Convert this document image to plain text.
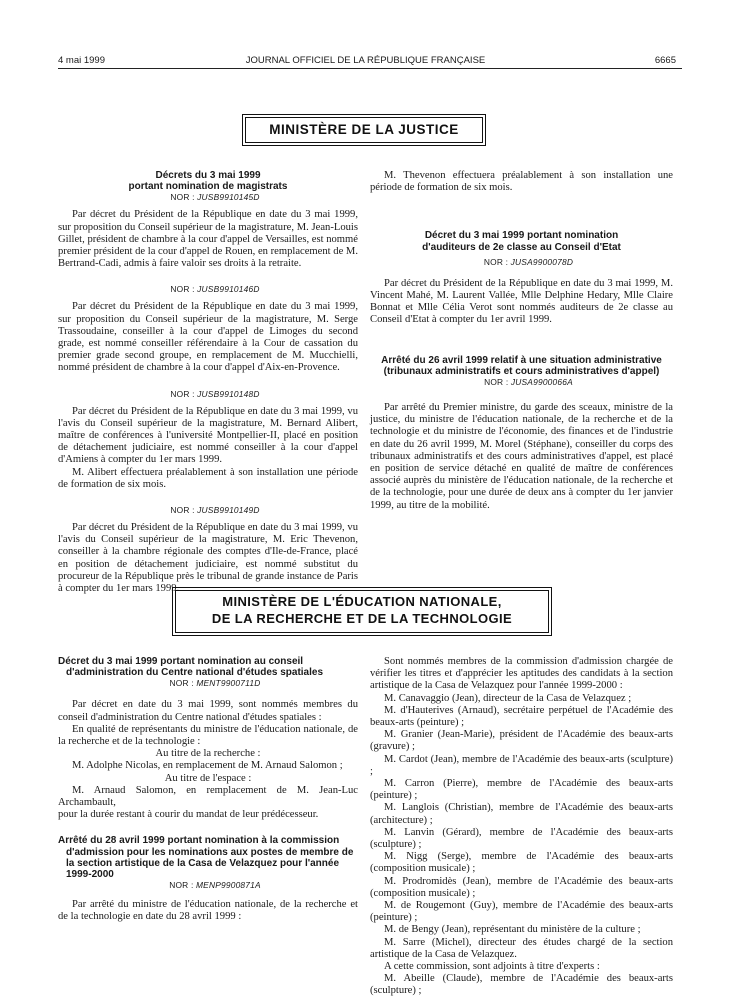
4 mai 1999	JOURNAL OFFICIEL DE LA RÉPUBLIQUE FRANÇAISE	6665
MINISTÈRE DE LA JUSTICE
Décrets du 3 mai 1999
portant nomination de magistrats

NOR : JUSB9910145D

Par décret du Président de la République en date du 3 mai 1999, sur proposition du Conseil supérieur de la magistrature, M. Jean-Louis Gillet, président de chambre à la cour d'appel de Versailles, est nommé premier président de la cour d'appel de Rouen, en remplacement de M. Bertrand-Cadi, admis à faire valoir ses droits à la retraite.

NOR : JUSB9910146D

Par décret du Président de la République en date du 3 mai 1999, sur proposition du Conseil supérieur de la magistrature, M. Serge Trassoudaine, conseiller à la cour d'appel de Limoges du second grade, est nommé conseiller référendaire à la Cour de cassation du premier grade second groupe, en remplacement de M. Mucchielli, nommé président de chambre à la cour d'appel d'Aix-en-Provence.

NOR : JUSB9910148D

Par décret du Président de la République en date du 3 mai 1999, vu l'avis du Conseil supérieur de la magistrature, M. Bernard Alibert, maître de conférences à l'université Montpellier-II, placé en position de détachement judiciaire, est nommé conseiller à la cour d'appel d'Amiens à compter du 1er mars 1999.

M. Alibert effectuera préalablement à son installation une période de formation de six mois.

NOR : JUSB9910149D

Par décret du Président de la République en date du 3 mai 1999, vu l'avis du Conseil supérieur de la magistrature, M. Eric Thevenon, conseiller à la chambre régionale des comptes d'Ile-de-France, placé en position de détachement judiciaire, est nommé substitut du procureur de la République près le tribunal de grande instance de Paris à compter du 1er mars 1999.

M. Thevenon effectuera préalablement à son installation une période de formation de six mois.

Décret du 3 mai 1999 portant nomination
d'auditeurs de 2e classe au Conseil d'Etat

NOR : JUSA9900078D

Par décret du Président de la République en date du 3 mai 1999, M. Vincent Mahé, M. Laurent Vallée, Mlle Delphine Hedary, Mlle Claire Bonnat et Mlle Célia Verot sont nommés auditeurs de 2e classe au Conseil d'Etat à compter du 1er avril 1999.

Arrêté du 26 avril 1999 relatif à une situation administrative (tribunaux administratifs et cours administratives d'appel)

NOR : JUSA9900066A

Par arrêté du Premier ministre, du garde des sceaux, ministre de la justice, du ministre de l'éducation nationale, de la recherche et de la technologie et du ministre de l'économie, des finances et de l'industrie en date du 26 avril 1999, M. Morel (Stéphane), conseiller du corps des tribunaux administratifs et des cours administratives d'appel, est placé en position de service détaché en qualité de maître de conférences associé auprès du ministère de l'éducation nationale, de la recherche et de la technologie, pour une durée de deux ans à compter du 1er janvier 1999, au titre de la mobilité.

MINISTÈRE DE L'ÉDUCATION NATIONALE,
DE LA RECHERCHE ET DE LA TECHNOLOGIE
Décret du 3 mai 1999 portant nomination au conseil d'administration du Centre national d'études spatiales

NOR : MENT9900711D

Par décret en date du 3 mai 1999, sont nommés membres du conseil d'administration du Centre national d'études spatiales :

En qualité de représentants du ministre de l'éducation nationale, de la recherche et de la technologie :

Au titre de la recherche :

M. Adolphe Nicolas, en remplacement de M. Arnaud Salomon ;

Au titre de l'espace :

M. Arnaud Salomon, en remplacement de M. Jean-Luc Archambault,

pour la durée restant à courir du mandat de leur prédécesseur.

Arrêté du 28 avril 1999 portant nomination à la commission d'admission pour les nominations aux postes de membre de la section artistique de la Casa de Velazquez pour l'année 1999-2000

NOR : MENP9900871A

Par arrêté du ministre de l'éducation nationale, de la recherche et de la technologie en date du 28 avril 1999 :

Sont nommés membres de la commission d'admission chargée de vérifier les titres et d'apprécier les aptitudes des candidats à la section artistique de la Casa de Velazquez pour l'année 1999-2000 :

M. Canavaggio (Jean), directeur de la Casa de Velazquez ;

M. d'Hauterives (Arnaud), secrétaire perpétuel de l'Académie des beaux-arts (peinture) ;

M. Granier (Jean-Marie), président de l'Académie des beaux-arts (gravure) ;

M. Cardot (Jean), membre de l'Académie des beaux-arts (sculpture) ;

M. Carron (Pierre), membre de l'Académie des beaux-arts (peinture) ;

M. Langlois (Christian), membre de l'Académie des beaux-arts (architecture) ;

M. Lanvin (Gérard), membre de l'Académie des beaux-arts (sculpture) ;

M. Nigg (Serge), membre de l'Académie des beaux-arts (composition musicale) ;

M. Prodromidès (Jean), membre de l'Académie des beaux-arts (composition musicale) ;

M. de Rougemont (Guy), membre de l'Académie des beaux-arts (peinture) ;

M. de Bengy (Jean), représentant du ministère de la culture ;

M. Sarre (Michel), directeur des études chargé de la section artistique de la Casa de Velazquez.

A cette commission, sont adjoints à titre d'experts :

M. Abeille (Claude), membre de l'Académie des beaux-arts (sculpture) ;
